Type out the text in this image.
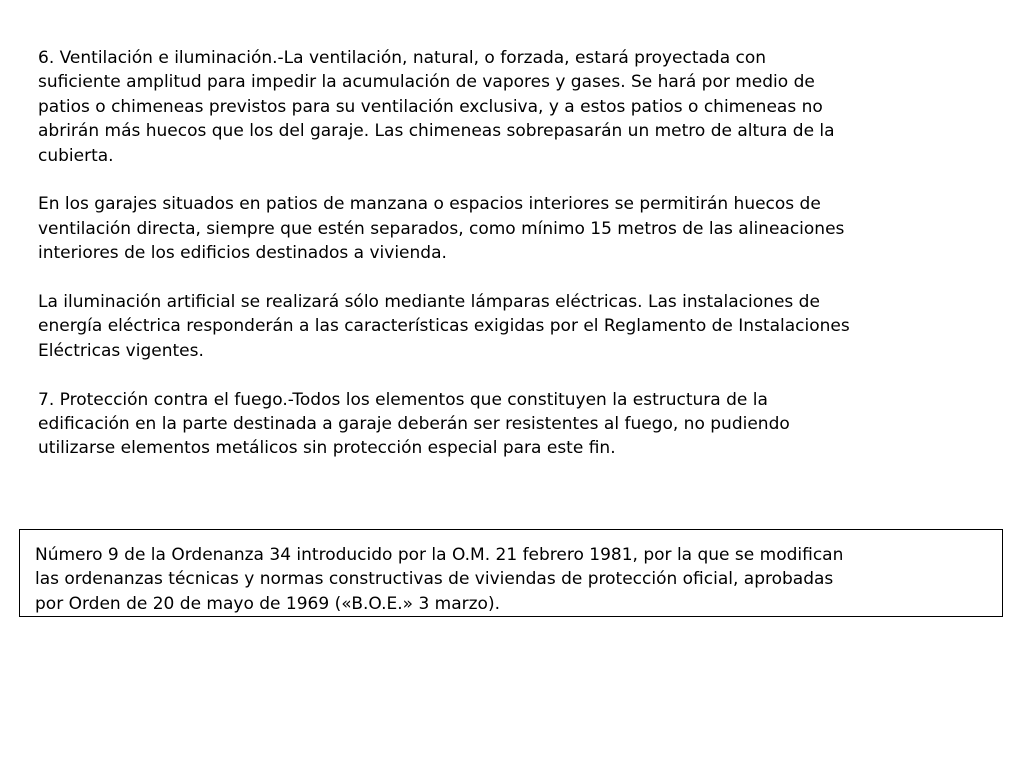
6. Ventilación e iluminación.-La ventilación, natural, o forzada, estará proyectada con
suficiente amplitud para impedir la acumulación de vapores y gases. Se hará por medio de
patios o chimeneas previstos para su ventilación exclusiva, y a estos patios o chimeneas no
abrirán más huecos que los del garaje. Las chimeneas sobrepasarán un metro de altura de la
cubierta.

En los garajes situados en patios de manzana o espacios interiores se permitirán huecos de
ventilación directa, siempre que estén separados, como mínimo 15 metros de las alineaciones
interiores de los edificios destinados a vivienda.

La iluminación artificial se realizará sólo mediante lámparas eléctricas. Las instalaciones de
energía eléctrica responderán a las características exigidas por el Reglamento de Instalaciones
Eléctricas vigentes.

7. Protección contra el fuego.-Todos los elementos que constituyen la estructura de la
edificación en la parte destinada a garaje deberán ser resistentes al fuego, no pudiendo
utilizarse elementos metálicos sin protección especial para este fin.

Número 9 de la Ordenanza 34 introducido por la O.M. 21 febrero 1981, por la que se modifican
las ordenanzas técnicas y normas constructivas de viviendas de protección oficial, aprobadas
por Orden de 20 de mayo de 1969 («B.O.E.» 3 marzo).
